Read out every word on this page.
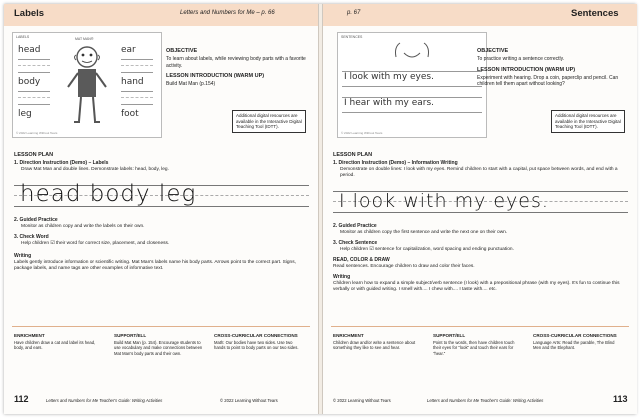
Labels	Letters and Numbers for Me – p. 66
LABELS	MAT MAN®
head	ear
body	hand
leg	foot
© 2022 Learning Without Tears

OBJECTIVE

To learn about labels, while reviewing body parts with a favorite activity.

LESSON INTRODUCTION (WARM UP)

Build Mat Man (p.154)

Additional digital resources are available in the Interactive Digital Teaching Tool (IDTT).

LESSON PLAN

1. Direction Instruction (Demo) – Labels

Draw Mat Man and double lines. Demonstrate labels: head, body, leg.

head body leg

2. Guided Practice

Monitor as children copy and write the labels on their own.

3. Check Word

Help children ☑ their word for correct size, placement, and closeness.

Writing

Labels gently introduce information or scientific writing. Mat Man's labels name his body parts. Arrows point to the correct part. Signs, package labels, and name tags are other examples of informative text.

ENRICHMENT

Have children draw a cat and label its head, body, and ears.

SUPPORT/ELL

Build Mat Man (p. 154). Encourage students to use vocabulary and make connections between Mat Man's body parts and their own.

CROSS-CURRICULAR CONNECTIONS

Math: Our bodies have two sides. Use two hands to point to body parts on our two sides.
112	Letters and Numbers for Me Teacher's Guide: Writing Activities	© 2022 Learning Without Tears
p. 67	Sentences
SENTENCES
I look with my eyes.
I hear with my ears.
© 2022 Learning Without Tears

OBJECTIVE

To practice writing a sentence correctly.

LESSON INTRODUCTION (WARM UP)

Experiment with hearing. Drop a coin, paperclip and pencil. Can children tell them apart without looking?

Additional digital resources are available in the Interactive Digital Teaching Tool (IDTT).

LESSON PLAN

1. Direction Instruction (Demo) – Information Writing

Demonstrate on double lines: I look with my eyes. Remind children to start with a capital, put space between words, and end with a period.

I look with my eyes.

2. Guided Practice

Monitor as children copy the first sentence and write the next one on their own.

3. Check Sentence

Help children ☑ sentence for capitalization, word spacing and ending punctuation.

READ, COLOR & DRAW

Read sentences. Encourage children to draw and color their faces.

Writing

Children learn how to expand a simple subject/verb sentence (I look) with a prepositional phrase (with my eyes). It's fun to continue this verbally or with guided writing. I smell with.... I chew with.... I taste with.... etc.

ENRICHMENT

Children draw and/or write a sentence about something they like to see and hear.

SUPPORT/ELL

Point to the words, then have children touch their eyes for "look" and touch their ears for "hear."

CROSS-CURRICULAR CONNECTIONS

Language Arts: Read the parable, The Blind Men and the Elephant.
© 2022 Learning Without Tears	Letters and Numbers for Me Teacher's Guide: Writing Activities	113
